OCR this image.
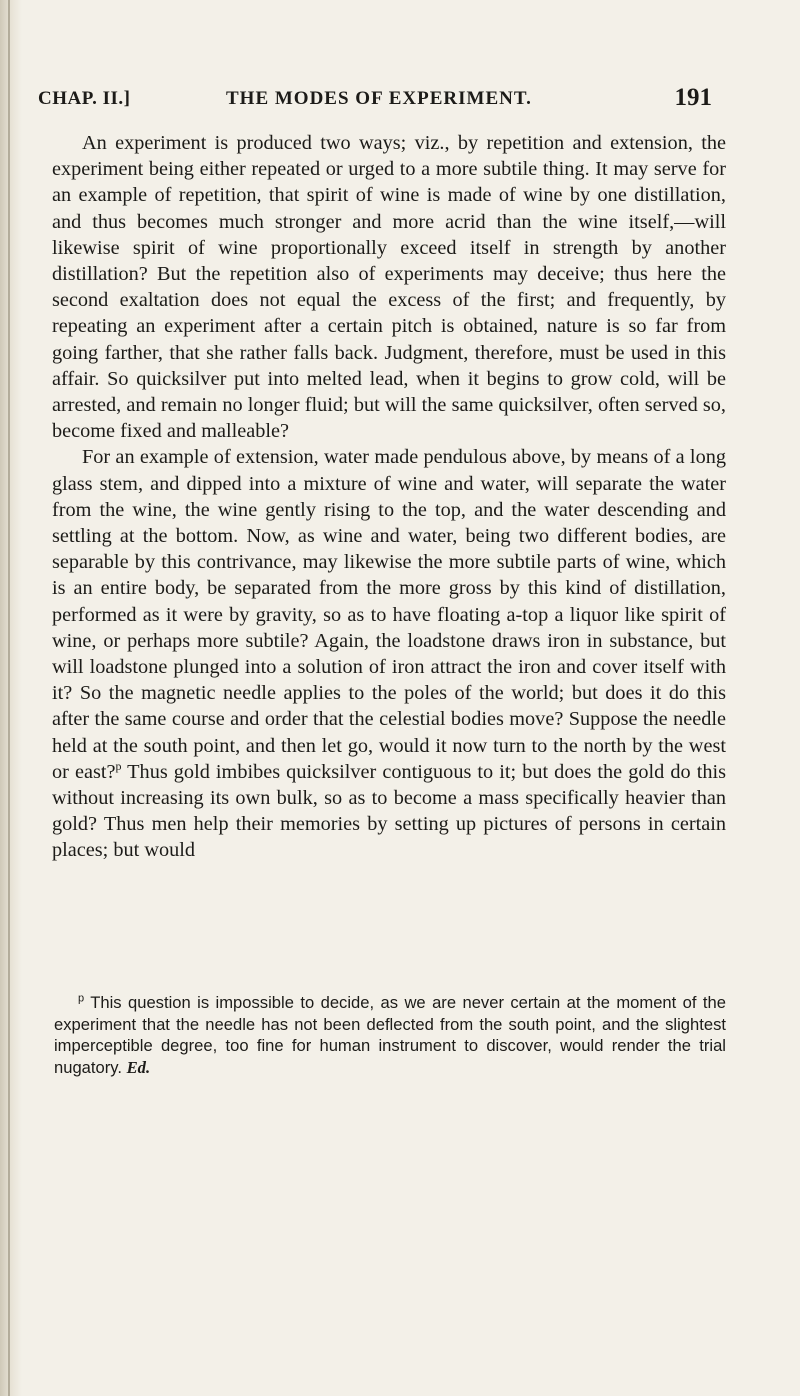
CHAP. II.]	THE MODES OF EXPERIMENT.	191

An experiment is produced two ways; viz., by repetition and extension, the experiment being either repeated or urged to a more subtile thing. It may serve for an example of repetition, that spirit of wine is made of wine by one distillation, and thus becomes much stronger and more acrid than the wine itself,—will likewise spirit of wine proportionally exceed itself in strength by another distillation? But the repetition also of experiments may deceive; thus here the second exaltation does not equal the excess of the first; and frequently, by repeating an experiment after a certain pitch is obtained, nature is so far from going farther, that she rather falls back. Judgment, therefore, must be used in this affair. So quicksilver put into melted lead, when it begins to grow cold, will be arrested, and remain no longer fluid; but will the same quicksilver, often served so, become fixed and malleable?

For an example of extension, water made pendulous above, by means of a long glass stem, and dipped into a mixture of wine and water, will separate the water from the wine, the wine gently rising to the top, and the water descending and settling at the bottom. Now, as wine and water, being two different bodies, are separable by this contrivance, may likewise the more subtile parts of wine, which is an entire body, be separated from the more gross by this kind of distillation, performed as it were by gravity, so as to have floating a-top a liquor like spirit of wine, or perhaps more subtile? Again, the loadstone draws iron in substance, but will loadstone plunged into a solution of iron attract the iron and cover itself with it? So the magnetic needle applies to the poles of the world; but does it do this after the same course and order that the celestial bodies move? Suppose the needle held at the south point, and then let go, would it now turn to the north by the west or east?$^p$ Thus gold imbibes quicksilver contiguous to it; but does the gold do this without increasing its own bulk, so as to become a mass specifically heavier than gold? Thus men help their memories by setting up pictures of persons in certain places; but would

$^p$ This question is impossible to decide, as we are never certain at the moment of the experiment that the needle has not been deflected from the south point, and the slightest imperceptible degree, too fine for human instrument to discover, would render the trial nugatory. Ed.
